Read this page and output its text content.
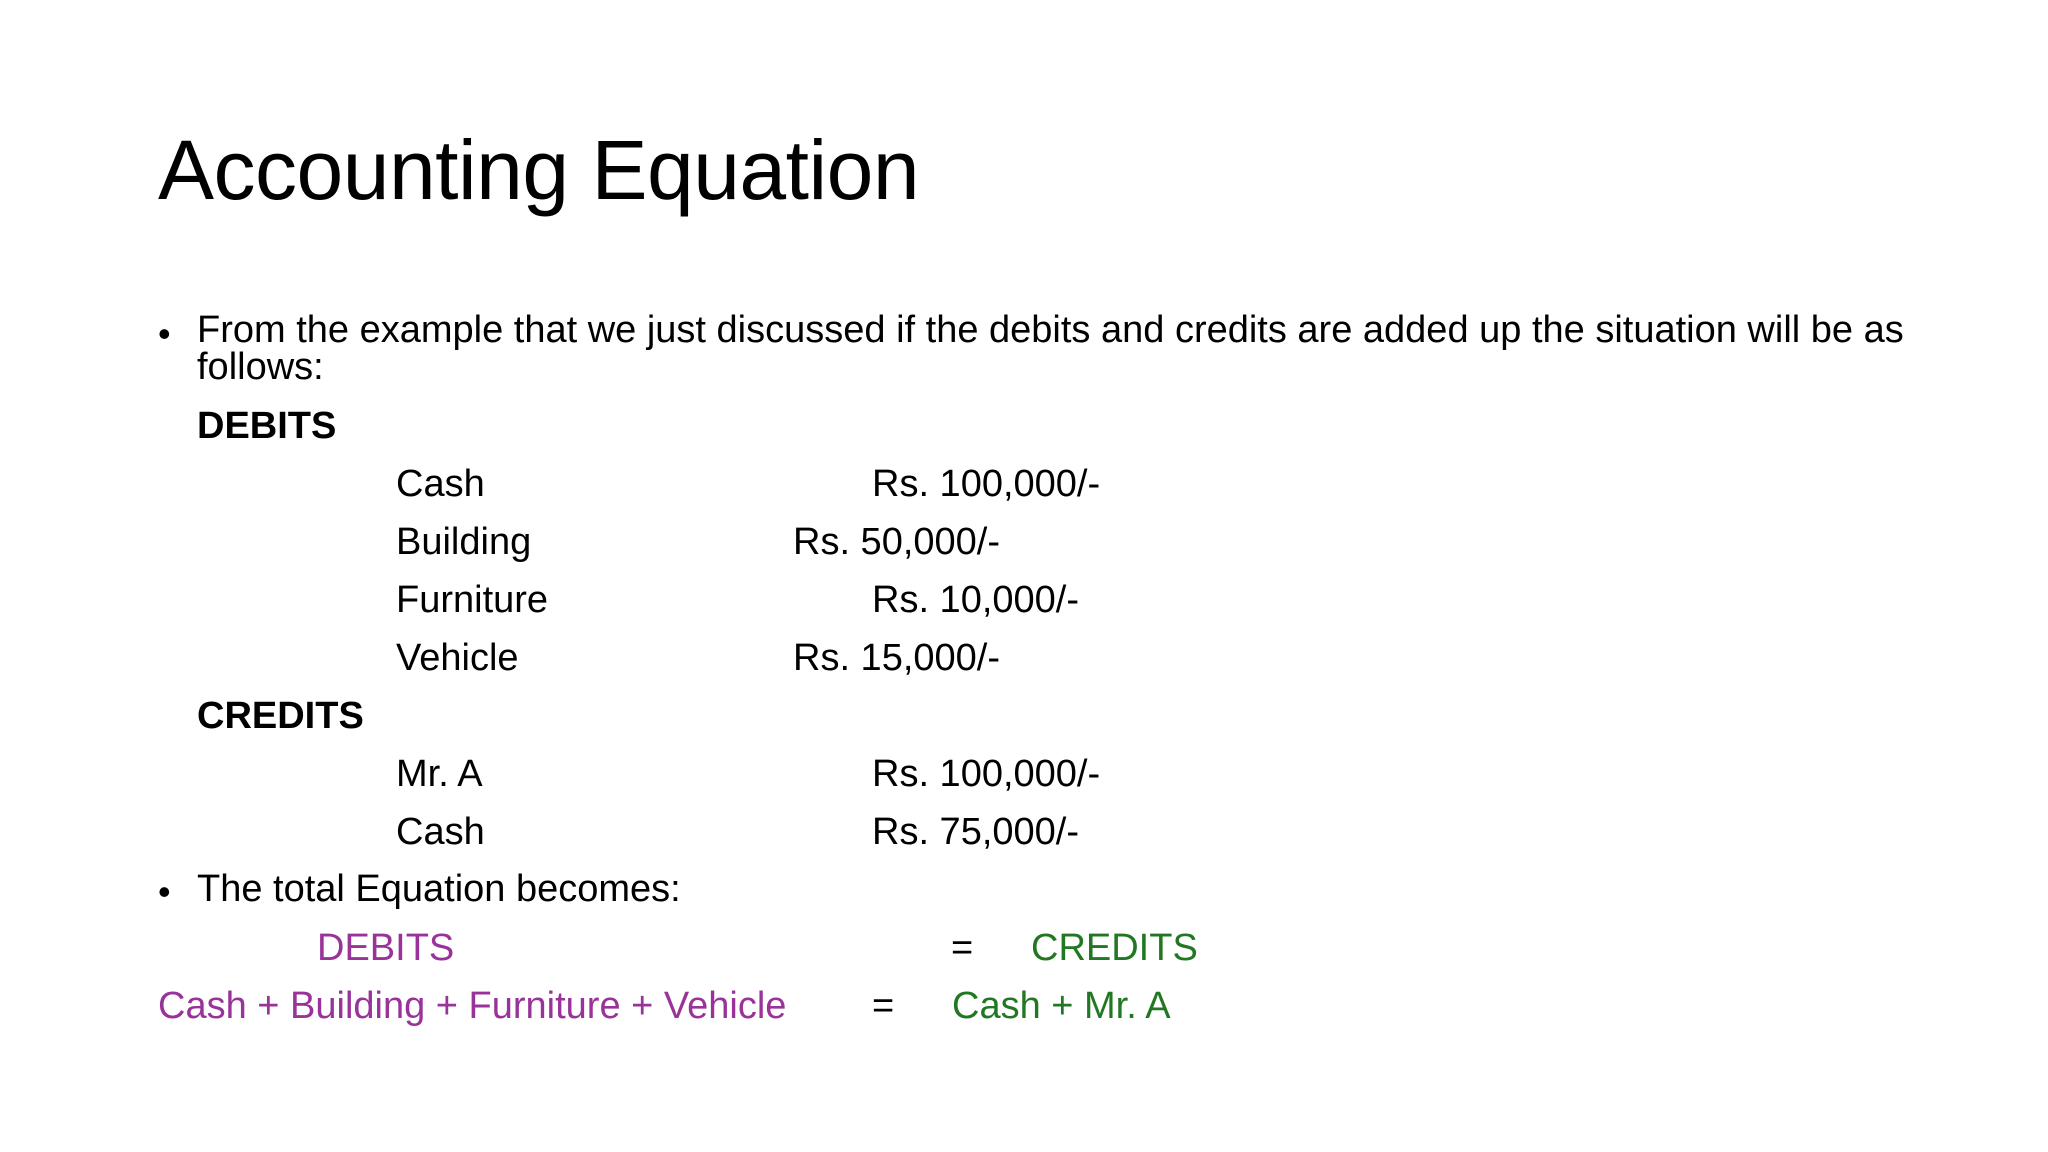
Accounting Equation
• From the example that we just discussed if the debits and credits are added up the situation will be as follows:
DEBITS
Cash	Rs. 100,000/-
Building	Rs. 50,000/-
Furniture	Rs. 10,000/-
Vehicle	Rs. 15,000/-
CREDITS
Mr. A	Rs. 100,000/-
Cash	Rs. 75,000/-
• The total Equation becomes:
DEBITS	= CREDITS
Cash + Building + Furniture + Vehicle = Cash + Mr. A
